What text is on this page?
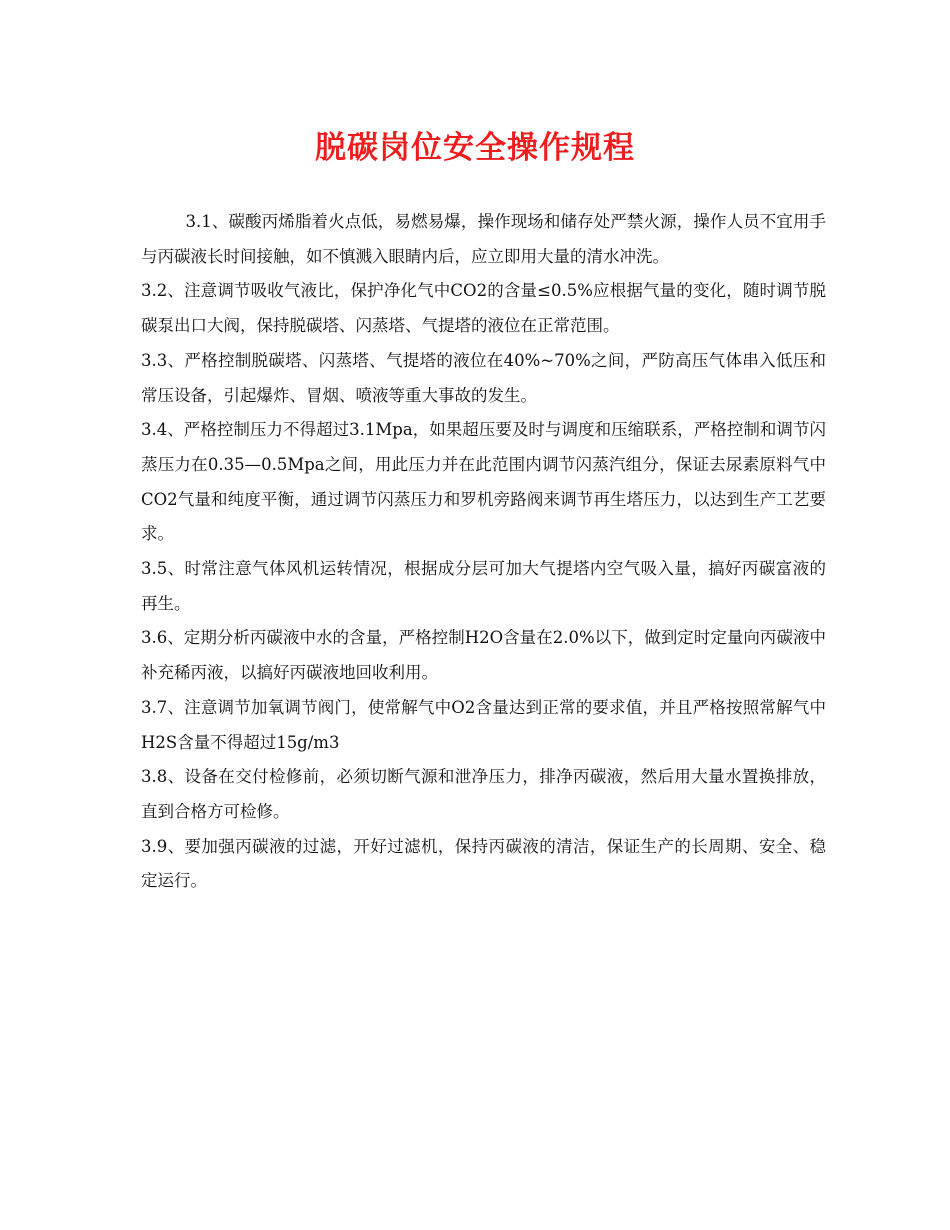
脱碳岗位安全操作规程

3.1、碳酸丙烯脂着火点低，易燃易爆，操作现场和储存处严禁火源，操作人员不宜用手与丙碳液长时间接触，如不慎溅入眼睛内后，应立即用大量的清水冲洗。

3.2、注意调节吸收气液比，保护净化气中CO2的含量≤0.5%应根据气量的变化，随时调节脱碳泵出口大阀，保持脱碳塔、闪蒸塔、气提塔的液位在正常范围。

3.3、严格控制脱碳塔、闪蒸塔、气提塔的液位在40%~70%之间，严防高压气体串入低压和常压设备，引起爆炸、冒烟、喷液等重大事故的发生。

3.4、严格控制压力不得超过3.1Mpa，如果超压要及时与调度和压缩联系，严格控制和调节闪蒸压力在0.35—0.5Mpa之间，用此压力并在此范围内调节闪蒸汽组分，保证去尿素原料气中CO2气量和纯度平衡，通过调节闪蒸压力和罗机旁路阀来调节再生塔压力，以达到生产工艺要求。

3.5、时常注意气体风机运转情况，根据成分层可加大气提塔内空气吸入量，搞好丙碳富液的再生。

3.6、定期分析丙碳液中水的含量，严格控制H2O含量在2.0%以下，做到定时定量向丙碳液中补充稀丙液，以搞好丙碳液地回收利用。

3.7、注意调节加氧调节阀门，使常解气中O2含量达到正常的要求值，并且严格按照常解气中H2S含量不得超过15g/m3

3.8、设备在交付检修前，必须切断气源和泄净压力，排净丙碳液，然后用大量水置换排放，直到合格方可检修。

3.9、要加强丙碳液的过滤，开好过滤机，保持丙碳液的清洁，保证生产的长周期、安全、稳定运行。
